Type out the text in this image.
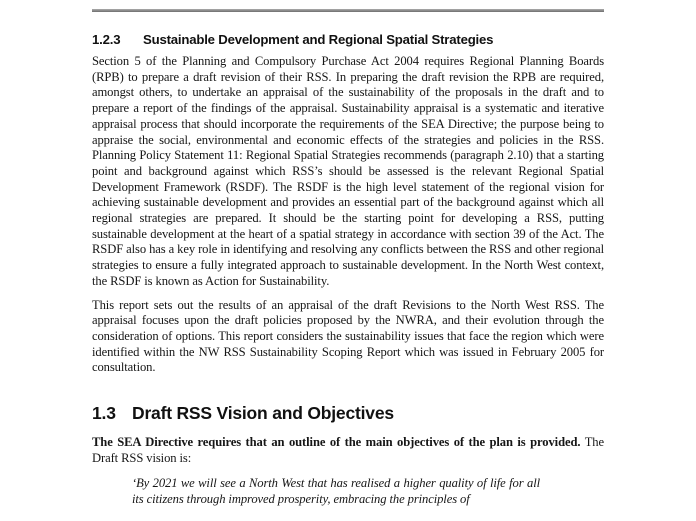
1.2.3	Sustainable Development and Regional Spatial Strategies

Section 5 of the Planning and Compulsory Purchase Act 2004 requires Regional Planning Boards (RPB) to prepare a draft revision of their RSS. In preparing the draft revision the RPB are required, amongst others, to undertake an appraisal of the sustainability of the proposals in the draft and to prepare a report of the findings of the appraisal. Sustainability appraisal is a systematic and iterative appraisal process that should incorporate the requirements of the SEA Directive; the purpose being to appraise the social, environmental and economic effects of the strategies and policies in the RSS. Planning Policy Statement 11: Regional Spatial Strategies recommends (paragraph 2.10) that a starting point and background against which RSS’s should be assessed is the relevant Regional Spatial Development Framework (RSDF). The RSDF is the high level statement of the regional vision for achieving sustainable development and provides an essential part of the background against which all regional strategies are prepared. It should be the starting point for developing a RSS, putting sustainable development at the heart of a spatial strategy in accordance with section 39 of the Act. The RSDF also has a key role in identifying and resolving any conflicts between the RSS and other regional strategies to ensure a fully integrated approach to sustainable development. In the North West context, the RSDF is known as Action for Sustainability.

This report sets out the results of an appraisal of the draft Revisions to the North West RSS. The appraisal focuses upon the draft policies proposed by the NWRA, and their evolution through the consideration of options. This report considers the sustainability issues that face the region which were identified within the NW RSS Sustainability Scoping Report which was issued in February 2005 for consultation.

1.3 Draft RSS Vision and Objectives

The SEA Directive requires that an outline of the main objectives of the plan is provided. The Draft RSS vision is:

‘By 2021 we will see a North West that has realised a higher quality of life for all its citizens through improved prosperity, embracing the principles of
